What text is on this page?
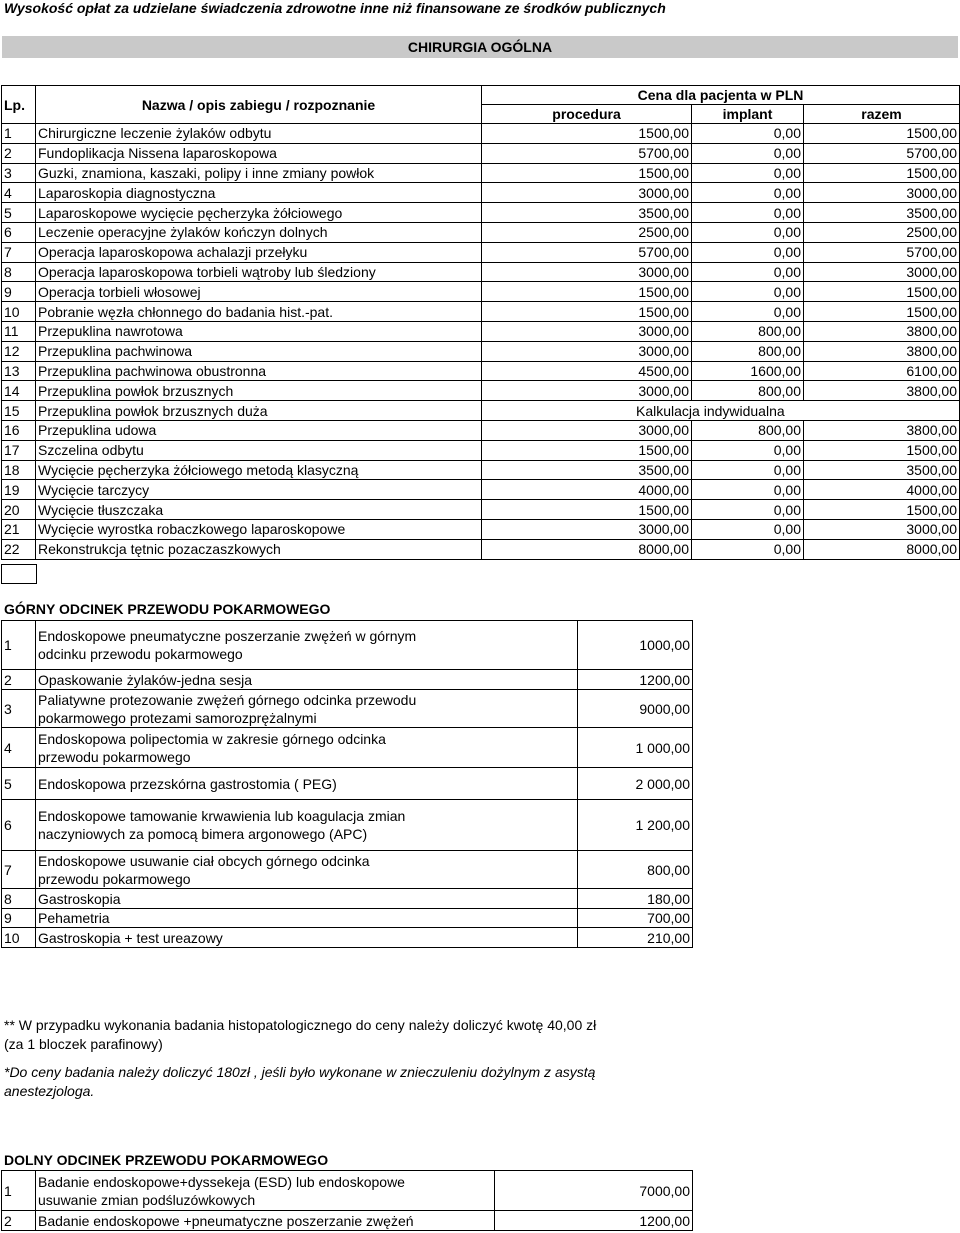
Wysokość opłat za udzielane świadczenia zdrowotne inne niż finansowane ze środków publicznych
CHIRURGIA OGÓLNA
Lp.	Nazwa / opis zabiegu / rozpoznanie	Cena dla pacjenta w PLN		
		procedura	implant	razem
1	Chirurgiczne leczenie żylaków odbytu	1500,00	0,00	1500,00
2	Fundoplikacja Nissena laparoskopowa	5700,00	0,00	5700,00
3	Guzki, znamiona, kaszaki, polipy i inne zmiany powłok	1500,00	0,00	1500,00
4	Laparoskopia diagnostyczna	3000,00	0,00	3000,00
5	Laparoskopowe wycięcie pęcherzyka żółciowego	3500,00	0,00	3500,00
6	Leczenie operacyjne żylaków kończyn dolnych	2500,00	0,00	2500,00
7	Operacja laparoskopowa achalazji przełyku	5700,00	0,00	5700,00
8	Operacja laparoskopowa torbieli wątroby lub śledziony	3000,00	0,00	3000,00
9	Operacja torbieli włosowej	1500,00	0,00	1500,00
10	Pobranie węzła chłonnego do badania hist.-pat.	1500,00	0,00	1500,00
11	Przepuklina nawrotowa	3000,00	800,00	3800,00
12	Przepuklina pachwinowa	3000,00	800,00	3800,00
13	Przepuklina pachwinowa obustronna	4500,00	1600,00	6100,00
14	Przepuklina powłok brzusznych	3000,00	800,00	3800,00
15	Przepuklina powłok brzusznych duża	Kalkulacja indywidualna		
16	Przepuklina udowa	3000,00	800,00	3800,00
17	Szczelina odbytu	1500,00	0,00	1500,00
18	Wycięcie pęcherzyka żółciowego metodą klasyczną	3500,00	0,00	3500,00
19	Wycięcie tarczycy	4000,00	0,00	4000,00
20	Wycięcie tłuszczaka	1500,00	0,00	1500,00
21	Wycięcie wyrostka robaczkowego laparoskopowe	3000,00	0,00	3000,00
22	Rekonstrukcja tętnic pozaczaszkowych	8000,00	0,00	8000,00
GÓRNY ODCINEK PRZEWODU POKARMOWEGO
1	Endoskopowe pneumatyczne poszerzanie zwężeń w górnym
odcinku przewodu pokarmowego	1000,00
2	Opaskowanie żylaków-jedna sesja	1200,00
3	Paliatywne protezowanie zwężeń górnego odcinka przewodu
pokarmowego protezami samorozprężalnymi	9000,00
4	Endoskopowa polipectomia w zakresie górnego odcinka
przewodu pokarmowego	1 000,00
5	Endoskopowa przezskórna gastrostomia ( PEG)	2 000,00
6	Endoskopowe tamowanie krwawienia lub koagulacja zmian
naczyniowych za pomocą bimera argonowego (APC)	1 200,00
7	Endoskopowe usuwanie ciał obcych górnego odcinka
przewodu pokarmowego	800,00
8	Gastroskopia	180,00
9	Pehametria	700,00
10	Gastroskopia + test ureazowy	210,00
** W przypadku wykonania badania histopatologicznego do ceny należy doliczyć kwotę 40,00 zł
(za 1 bloczek parafinowy)
*Do ceny badania należy doliczyć 180zł , jeśli było wykonane w znieczuleniu dożylnym z asystą
anestezjologa.
DOLNY ODCINEK PRZEWODU POKARMOWEGO
1	Badanie endoskopowe+dyssekeja (ESD) lub endoskopowe
usuwanie zmian podśluzówkowych	7000,00
2	Badanie endoskopowe +pneumatyczne poszerzanie zwężeń	1200,00
